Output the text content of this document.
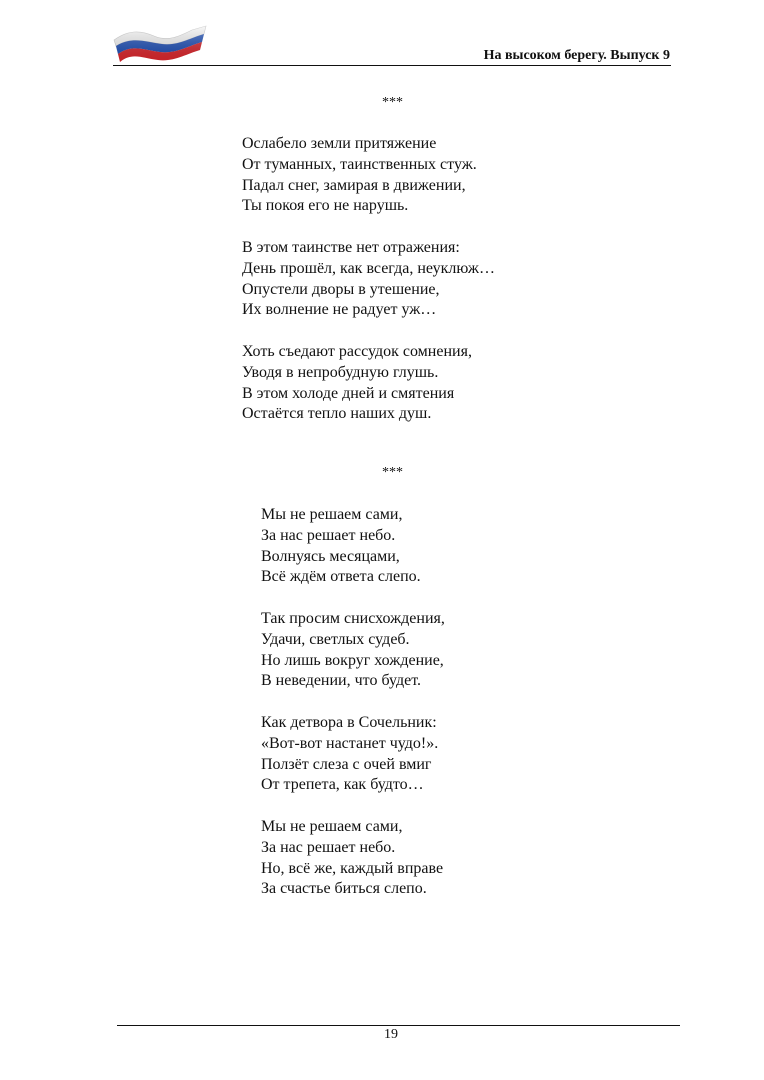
На высоком берегу. Выпуск 9
***
Ослабело земли притяжение
От туманных, таинственных стуж.
Падал снег, замирая в движении,
Ты покоя его не нарушь.
В этом таинстве нет отражения:
День прошёл, как всегда, неуклюж…
Опустели дворы в утешение,
Их волнение не радует уж…
Хоть съедают рассудок сомнения,
Уводя в непробудную глушь.
В этом холоде дней и смятения
Остаётся тепло наших душ.
***
Мы не решаем сами,
За нас решает небо.
Волнуясь месяцами,
Всё ждём ответа слепо.
Так просим снисхождения,
Удачи, светлых судеб.
Но лишь вокруг хождение,
В неведении, что будет.
Как детвора в Сочельник:
«Вот-вот настанет чудо!».
Ползёт слеза с очей вмиг
От трепета, как будто…
Мы не решаем сами,
За нас решает небо.
Но, всё же, каждый вправе
За счастье биться слепо.
19
